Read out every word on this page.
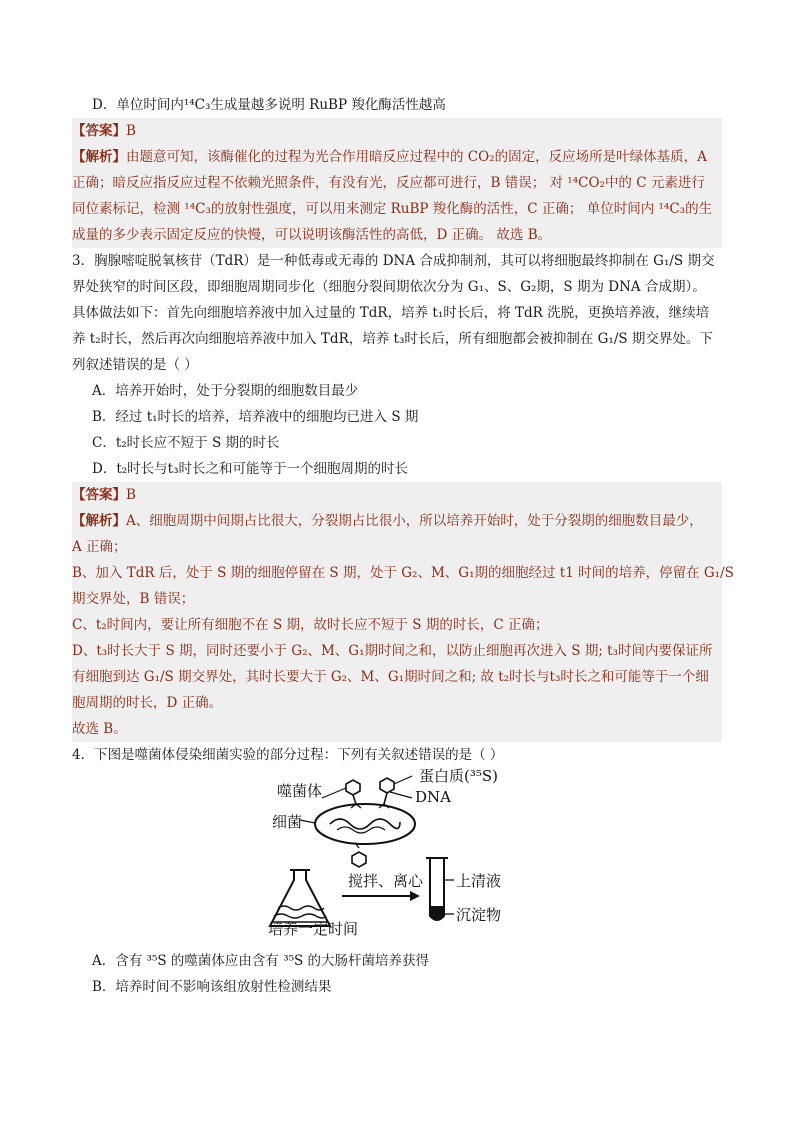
D．单位时间内¹⁴C₃生成量越多说明 RuBP 羧化酶活性越高
【答案】B
【解析】由题意可知，该酶催化的过程为光合作用暗反应过程中的 CO₂的固定，反应场所是叶绿体基质，A
正确；暗反应指反应过程不依赖光照条件，有没有光，反应都可进行，B 错误； 对 ¹⁴CO₂中的 C 元素进行
同位素标记，检测 ¹⁴C₃的放射性强度，可以用来测定 RuBP 羧化酶的活性，C 正确； 单位时间内 ¹⁴C₃的生
成量的多少表示固定反应的快慢，可以说明该酶活性的高低，D 正确。 故选 B。
3．胸腺嘧啶脱氧核苷（TdR）是一种低毒或无毒的 DNA 合成抑制剂，其可以将细胞最终抑制在 G₁/S 期交
界处狭窄的时间区段，即细胞周期同步化（细胞分裂间期依次分为 G₁、S、G₂期，S 期为 DNA 合成期）。
具体做法如下：首先向细胞培养液中加入过量的 TdR，培养 t₁时长后，将 TdR 洗脱，更换培养液，继续培
养 t₂时长，然后再次向细胞培养液中加入 TdR，培养 t₃时长后，所有细胞都会被抑制在 G₁/S 期交界处。下
列叙述错误的是（ ）
A．培养开始时，处于分裂期的细胞数目最少
B．经过 t₁时长的培养，培养液中的细胞均已进入 S 期
C．t₂时长应不短于 S 期的时长
D．t₂时长与t₃时长之和可能等于一个细胞周期的时长
【答案】B
【解析】A、细胞周期中间期占比很大，分裂期占比很小，所以培养开始时，处于分裂期的细胞数目最少，
A 正确；
B、加入 TdR 后，处于 S 期的细胞停留在 S 期，处于 G₂、M、G₁期的细胞经过 t1 时间的培养，停留在 G₁/S
期交界处，B 错误；
C、t₂时间内，要让所有细胞不在 S 期，故时长应不短于 S 期的时长，C 正确；
D、t₃时长大于 S 期，同时还要小于 G₂、M、G₁期时间之和，以防止细胞再次进入 S 期; t₃时间内要保证所
有细胞到达 G₁/S 期交界处，其时长要大于 G₂、M、G₁期时间之和; 故 t₂时长与t₃时长之和可能等于一个细
胞周期的时长，D 正确。
故选 B。
4．下图是噬菌体侵染细菌实验的部分过程：下列有关叙述错误的是（ ）
蛋白质(³⁵S)
噬菌体	DNA
细菌
搅拌、离心 上清液
沉淀物
培养一定时间
A．含有 ³⁵S 的噬菌体应由含有 ³⁵S 的大肠杆菌培养获得
B．培养时间不影响该组放射性检测结果
